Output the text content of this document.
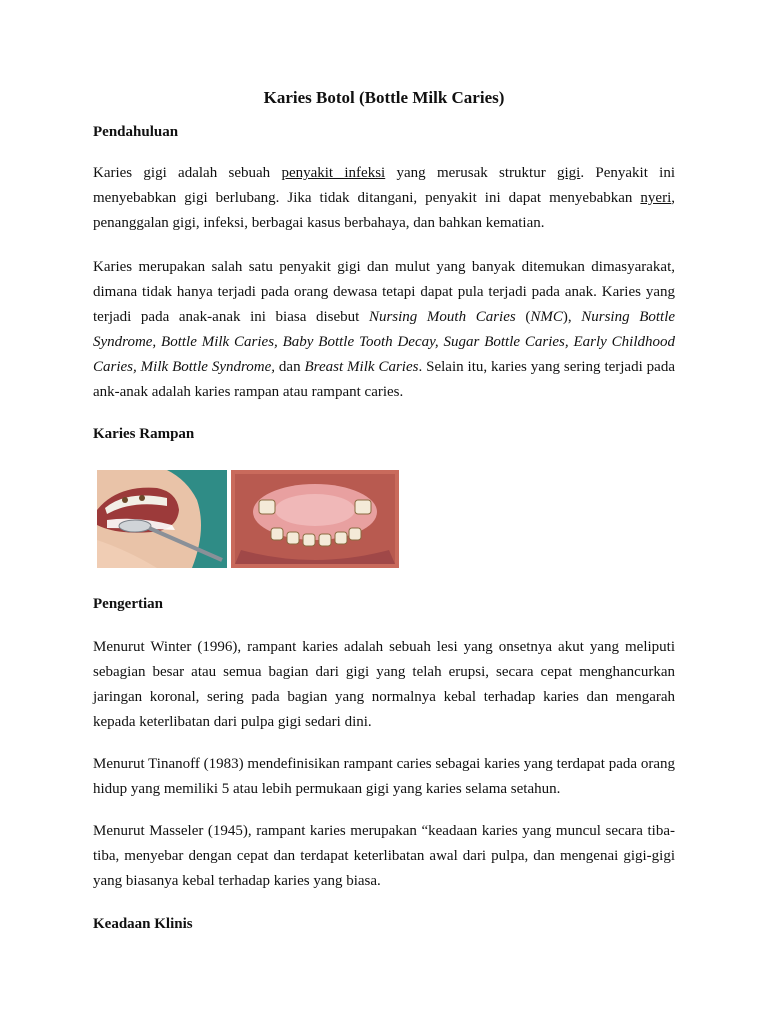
Karies Botol (Bottle Milk Caries)
Pendahuluan

Karies gigi adalah sebuah penyakit infeksi yang merusak struktur gigi. Penyakit ini menyebabkan gigi berlubang. Jika tidak ditangani, penyakit ini dapat menyebabkan nyeri, penanggalan gigi, infeksi, berbagai kasus berbahaya, dan bahkan kematian.

Karies merupakan salah satu penyakit gigi dan mulut yang banyak ditemukan dimasyarakat, dimana tidak hanya terjadi pada orang dewasa tetapi dapat pula terjadi pada anak. Karies yang terjadi pada anak-anak ini biasa disebut Nursing Mouth Caries (NMC), Nursing Bottle Syndrome, Bottle Milk Caries, Baby Bottle Tooth Decay, Sugar Bottle Caries, Early Childhood Caries, Milk Bottle Syndrome, dan Breast Milk Caries. Selain itu, karies yang sering terjadi pada ank-anak adalah karies rampan atau rampant caries.

Karies Rampan
Pengertian

Menurut Winter (1996), rampant karies adalah sebuah lesi yang onsetnya akut yang meliputi sebagian besar atau semua bagian dari gigi yang telah erupsi, secara cepat menghancurkan jaringan koronal, sering pada bagian yang normalnya kebal terhadap karies dan mengarah kepada keterlibatan dari pulpa gigi sedari dini.

Menurut Tinanoff (1983) mendefinisikan rampant caries sebagai karies yang terdapat pada orang hidup yang memiliki 5 atau lebih permukaan gigi yang karies selama setahun.

Menurut Masseler (1945), rampant karies merupakan “keadaan karies yang muncul secara tiba-tiba, menyebar dengan cepat dan terdapat keterlibatan awal dari pulpa, dan mengenai gigi-gigi yang biasanya kebal terhadap karies yang biasa.

Keadaan Klinis
